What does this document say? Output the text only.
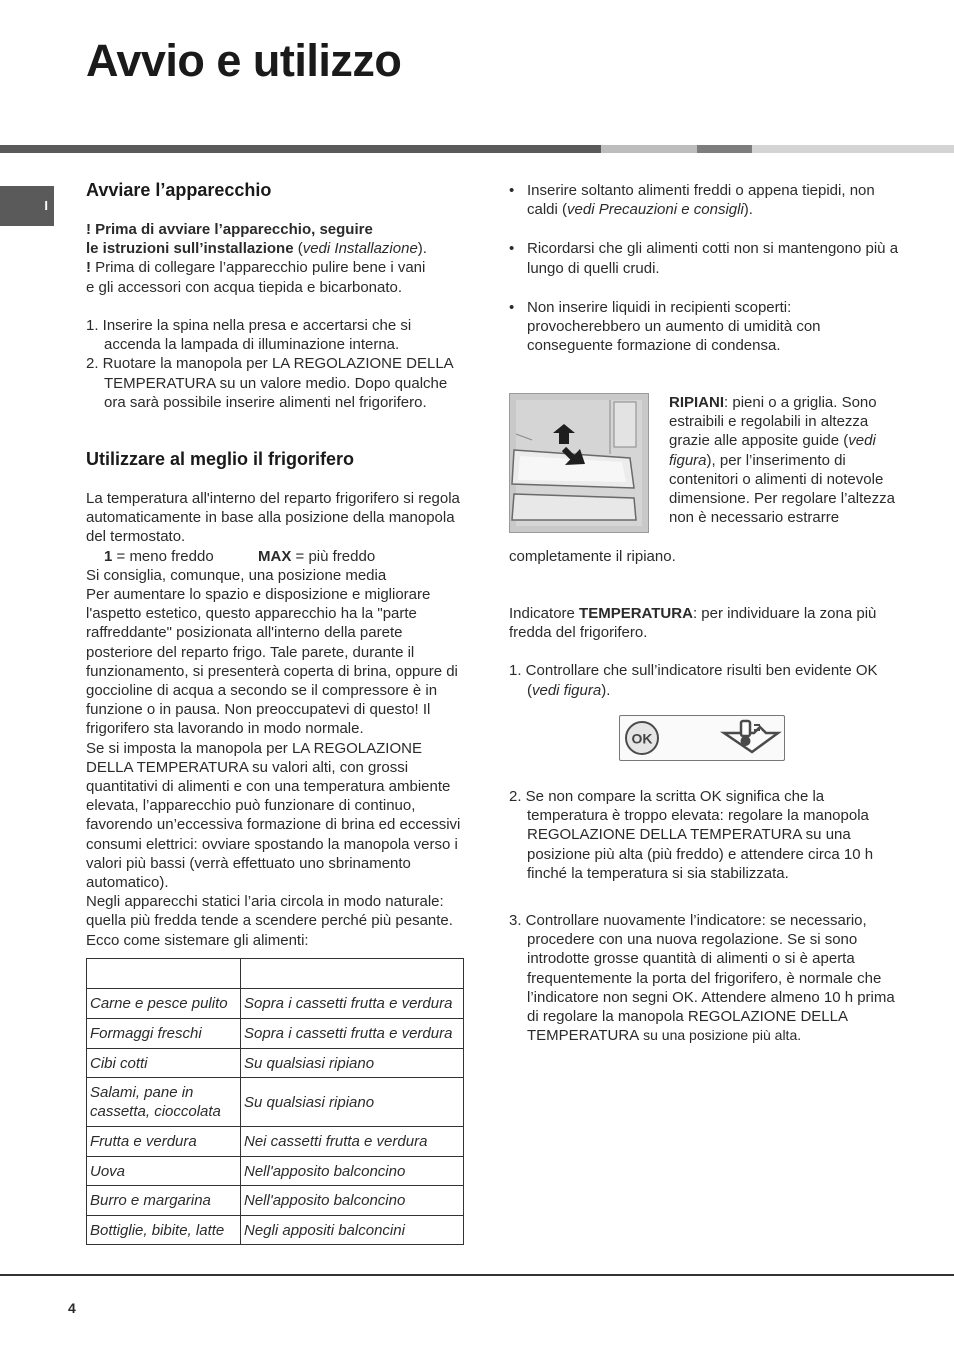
Avvio e utilizzo
I
Avviare l’apparecchio

! Prima di avviare l’apparecchio, seguire

le istruzioni sull’installazione (vedi Installazione).

! Prima di collegare l’apparecchio pulire bene i vani

e gli accessori con acqua tiepida e bicarbonato.

1. Inserire la spina nella presa e accertarsi che si accenda la lampada di illuminazione interna.

2. Ruotare la manopola per LA REGOLAZIONE DELLA TEMPERATURA su un valore medio. Dopo qualche ora sarà possibile inserire alimenti nel frigorifero.

Utilizzare al meglio il frigorifero

La temperatura all'interno del reparto frigorifero si regola automaticamente in base alla posizione della manopola del termostato.

1 = meno freddo	MAX = più freddo

Si consiglia, comunque, una posizione media

Per aumentare lo spazio e disposizione e migliorare l'aspetto estetico, questo apparecchio ha la "parte raffreddante" posizionata all'interno della parete posteriore del reparto frigo. Tale parete, durante il funzionamento, si presenterà coperta di brina, oppure di goccioline di acqua a secondo se il compressore è in funzione o in pausa. Non preoccupatevi di questo! Il frigorifero sta lavorando in modo normale.

Se si imposta la manopola per LA REGOLAZIONE DELLA TEMPERATURA su valori alti, con grossi quantitativi di alimenti e con una temperatura ambiente elevata, l’apparecchio può funzionare di continuo, favorendo un’eccessiva formazione di brina ed eccessivi consumi elettrici: ovviare spostando la manopola verso i valori più bassi (verrà effettuato uno sbrinamento automatico).

Negli apparecchi statici l’aria circola in modo naturale: quella più fredda tende a scendere perché più pesante. Ecco come sistemare gli alimenti:

Carne e pesce pulito	Sopra i cassetti frutta e verdura
Formaggi freschi	Sopra i cassetti frutta e verdura
Cibi cotti	Su qualsiasi ripiano
Salami, pane in cassetta, cioccolata	Su qualsiasi ripiano
Frutta e verdura	Nei cassetti frutta e verdura
Uova	Nell'apposito balconcino
Burro e margarina	Nell'apposito balconcino
Bottiglie, bibite, latte	Negli appositi balconcini

• Inserire soltanto alimenti freddi o appena tiepidi, non caldi (vedi Precauzioni e consigli).

• Ricordarsi che gli alimenti cotti non si mantengono più a lungo di quelli crudi.

• Non inserire liquidi in recipienti scoperti: provocherebbero un aumento di umidità con conseguente formazione di condensa.

RIPIANI: pieni o a griglia. Sono estraibili e regolabili in altezza grazie alle apposite guide (vedi figura), per l’inserimento di contenitori o alimenti di notevole dimensione. Per regolare l’altezza non è necessario estrarre

completamente il ripiano.

Indicatore TEMPERATURA: per individuare la zona più fredda del frigorifero.

1. Controllare che sull’indicatore risulti ben evidente OK (vedi figura).

OK

2. Se non compare la scritta OK significa che la temperatura è troppo elevata: regolare la manopola REGOLAZIONE DELLA TEMPERATURA su una posizione più alta (più freddo) e attendere circa 10 h finché la temperatura si sia stabilizzata.

3. Controllare nuovamente l’indicatore: se necessario, procedere con una nuova regolazione. Se si sono introdotte grosse quantità di alimenti o si è aperta frequentemente la porta del frigorifero, è normale che l’indicatore non segni OK. Attendere almeno 10 h prima di regolare la manopola REGOLAZIONE DELLA TEMPERATURA su una posizione più alta.

4
